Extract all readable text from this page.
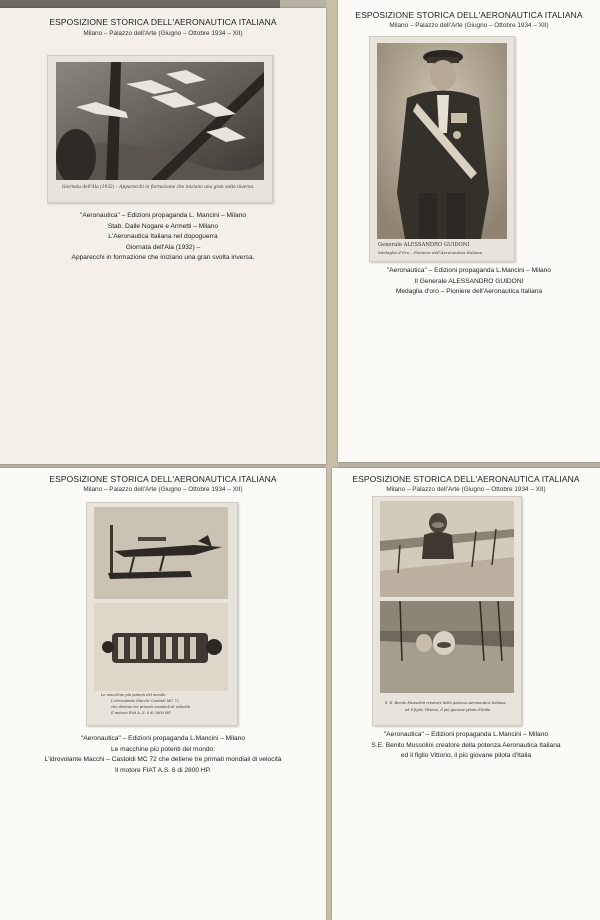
ESPOSIZIONE STORICA DELL'AERONAUTICA ITALIANA
Milano – Palazzo dell'Arte (Giugno – Ottobre 1934 – XII)
Giornata dell'Ala (1932) – Apparecchi in formazione che iniziano una gran volta inversa.
"Aeronautica" – Edizioni propaganda L. Mancini – Milano
Stab. Dalle Nogare e Armetti – Milano
L'Aeronautica Italiana nel dopoguerra
Giornata dell'Ala (1932) –
Apparecchi in formazione che iniziano una gran svolta inversa.
ESPOSIZIONE STORICA DELL'AERONAUTICA ITALIANA
Milano – Palazzo dell'Arte (Giugno – Ottobre 1934 – XII)
Generale ALESSANDRO GUIDONI
Medaglia d'Oro – Pioniere dell'Aeronautica Italiana
"Aeronautica" – Edizioni propaganda L.Mancini – Milano
Il Generale ALESSANDRO GUIDONI
Medaglia d'oro – Pioniere dell'Aeronautica Italiana
ESPOSIZIONE STORICA DELL'AERONAUTICA ITALIANA
Milano – Palazzo dell'Arte (Giugno – Ottobre 1934 – XII)
Le macchine più potenti del mondo:
L'idrovolante Macchi Castoldi MC 72
che detiene tre primati mondiali di velocità
Il motore Fiat A. S. 6 di 2800 HP.
"Aeronautica" – Edizioni propaganda L.Mancini – Milano
Le macchine più potenti del mondo:
L'idrovolante Macchi – Castoldi MC 72 che detiene tre primati mondiali di velocità
Il motore FIAT A.S. 6 di 2800 HP.
ESPOSIZIONE STORICA DELL'AERONAUTICA ITALIANA
Milano – Palazzo dell'Arte (Giugno – Ottobre 1934 – XII)
S. E. Benito Mussolini creatore della potenza Aeronautica Italiana,
ed il figlio Vittorio, il più giovane pilota d'Italia
"Aeronautica" – Edizioni propaganda L.Mancini – Milano
S.E. Benito Mussolini creatore della potenza Aeronautica Italiana
ed il figlio Vittorio, il più giovane pilota d'Italia
